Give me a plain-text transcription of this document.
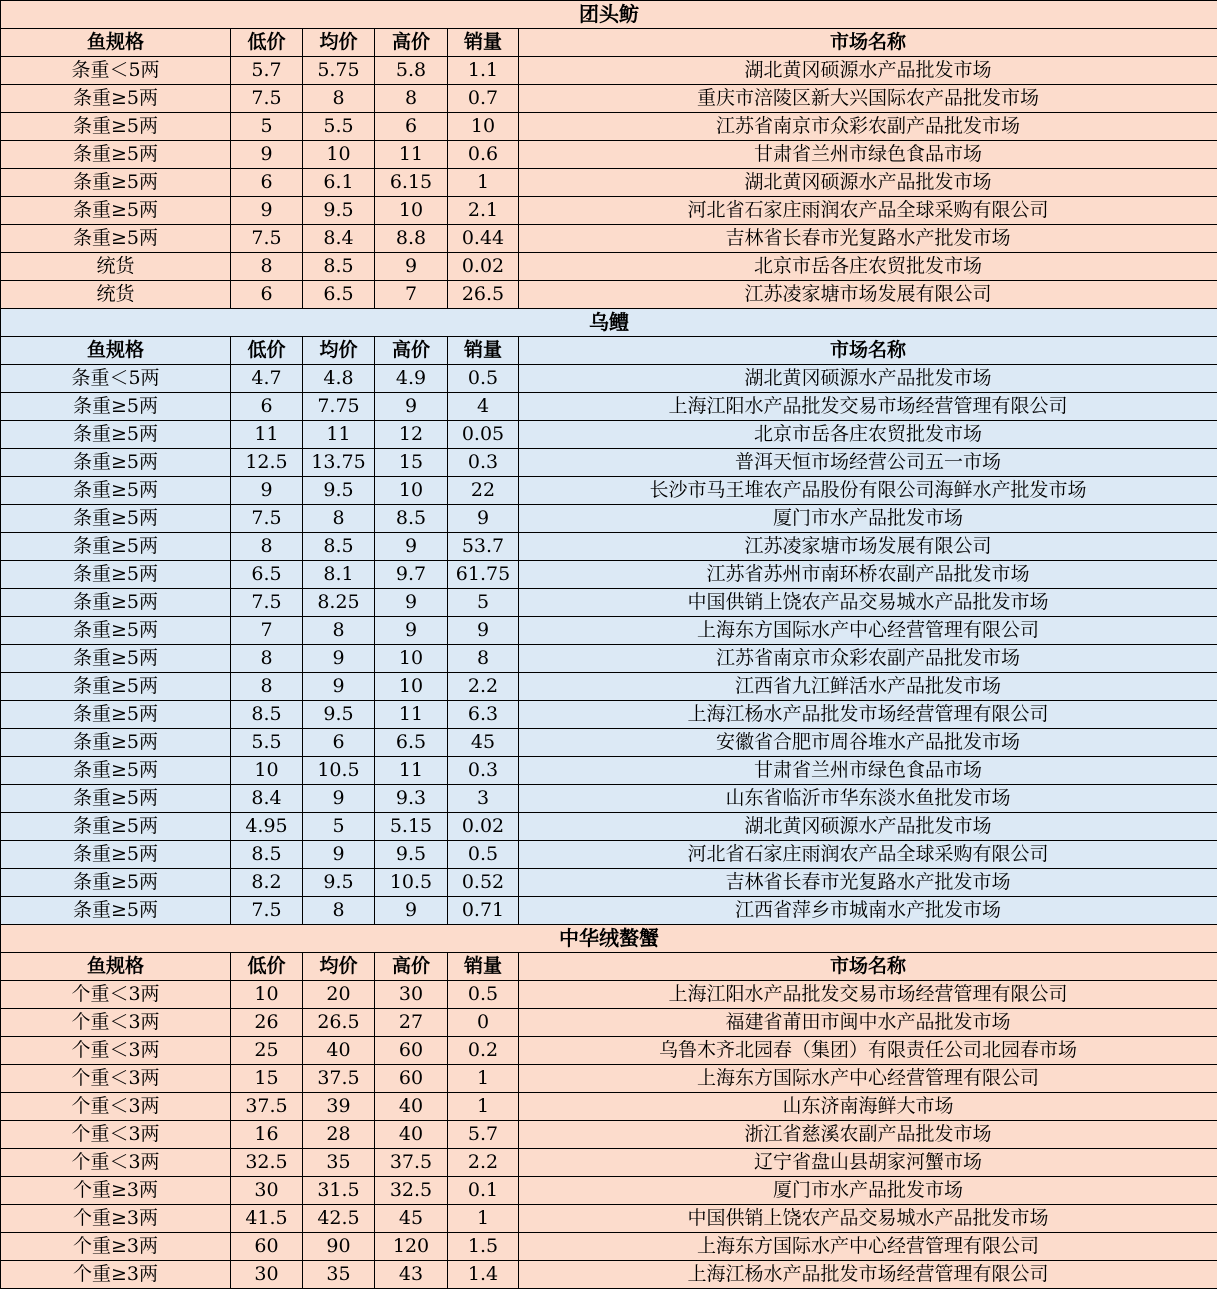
团头鲂					
鱼规格	低价	均价	高价	销量	市场名称
条重＜5两	5.7	5.75	5.8	1.1	湖北黄冈硕源水产品批发市场
条重≥5两	7.5	8	8	0.7	重庆市涪陵区新大兴国际农产品批发市场
条重≥5两	5	5.5	6	10	江苏省南京市众彩农副产品批发市场
条重≥5两	9	10	11	0.6	甘肃省兰州市绿色食品市场
条重≥5两	6	6.1	6.15	1	湖北黄冈硕源水产品批发市场
条重≥5两	9	9.5	10	2.1	河北省石家庄雨润农产品全球采购有限公司
条重≥5两	7.5	8.4	8.8	0.44	吉林省长春市光复路水产批发市场
统货	8	8.5	9	0.02	北京市岳各庄农贸批发市场
统货	6	6.5	7	26.5	江苏凌家塘市场发展有限公司
乌鳢					
鱼规格	低价	均价	高价	销量	市场名称
条重＜5两	4.7	4.8	4.9	0.5	湖北黄冈硕源水产品批发市场
条重≥5两	6	7.75	9	4	上海江阳水产品批发交易市场经营管理有限公司
条重≥5两	11	11	12	0.05	北京市岳各庄农贸批发市场
条重≥5两	12.5	13.75	15	0.3	普洱天恒市场经营公司五一市场
条重≥5两	9	9.5	10	22	长沙市马王堆农产品股份有限公司海鲜水产批发市场
条重≥5两	7.5	8	8.5	9	厦门市水产品批发市场
条重≥5两	8	8.5	9	53.7	江苏凌家塘市场发展有限公司
条重≥5两	6.5	8.1	9.7	61.75	江苏省苏州市南环桥农副产品批发市场
条重≥5两	7.5	8.25	9	5	中国供销上饶农产品交易城水产品批发市场
条重≥5两	7	8	9	9	上海东方国际水产中心经营管理有限公司
条重≥5两	8	9	10	8	江苏省南京市众彩农副产品批发市场
条重≥5两	8	9	10	2.2	江西省九江鲜活水产品批发市场
条重≥5两	8.5	9.5	11	6.3	上海江杨水产品批发市场经营管理有限公司
条重≥5两	5.5	6	6.5	45	安徽省合肥市周谷堆水产品批发市场
条重≥5两	10	10.5	11	0.3	甘肃省兰州市绿色食品市场
条重≥5两	8.4	9	9.3	3	山东省临沂市华东淡水鱼批发市场
条重≥5两	4.95	5	5.15	0.02	湖北黄冈硕源水产品批发市场
条重≥5两	8.5	9	9.5	0.5	河北省石家庄雨润农产品全球采购有限公司
条重≥5两	8.2	9.5	10.5	0.52	吉林省长春市光复路水产批发市场
条重≥5两	7.5	8	9	0.71	江西省萍乡市城南水产批发市场
中华绒螯蟹					
鱼规格	低价	均价	高价	销量	市场名称
个重＜3两	10	20	30	0.5	上海江阳水产品批发交易市场经营管理有限公司
个重＜3两	26	26.5	27	0	福建省莆田市闽中水产品批发市场
个重＜3两	25	40	60	0.2	乌鲁木齐北园春（集团）有限责任公司北园春市场
个重＜3两	15	37.5	60	1	上海东方国际水产中心经营管理有限公司
个重＜3两	37.5	39	40	1	山东济南海鲜大市场
个重＜3两	16	28	40	5.7	浙江省慈溪农副产品批发市场
个重＜3两	32.5	35	37.5	2.2	辽宁省盘山县胡家河蟹市场
个重≥3两	30	31.5	32.5	0.1	厦门市水产品批发市场
个重≥3两	41.5	42.5	45	1	中国供销上饶农产品交易城水产品批发市场
个重≥3两	60	90	120	1.5	上海东方国际水产中心经营管理有限公司
个重≥3两	30	35	43	1.4	上海江杨水产品批发市场经营管理有限公司
